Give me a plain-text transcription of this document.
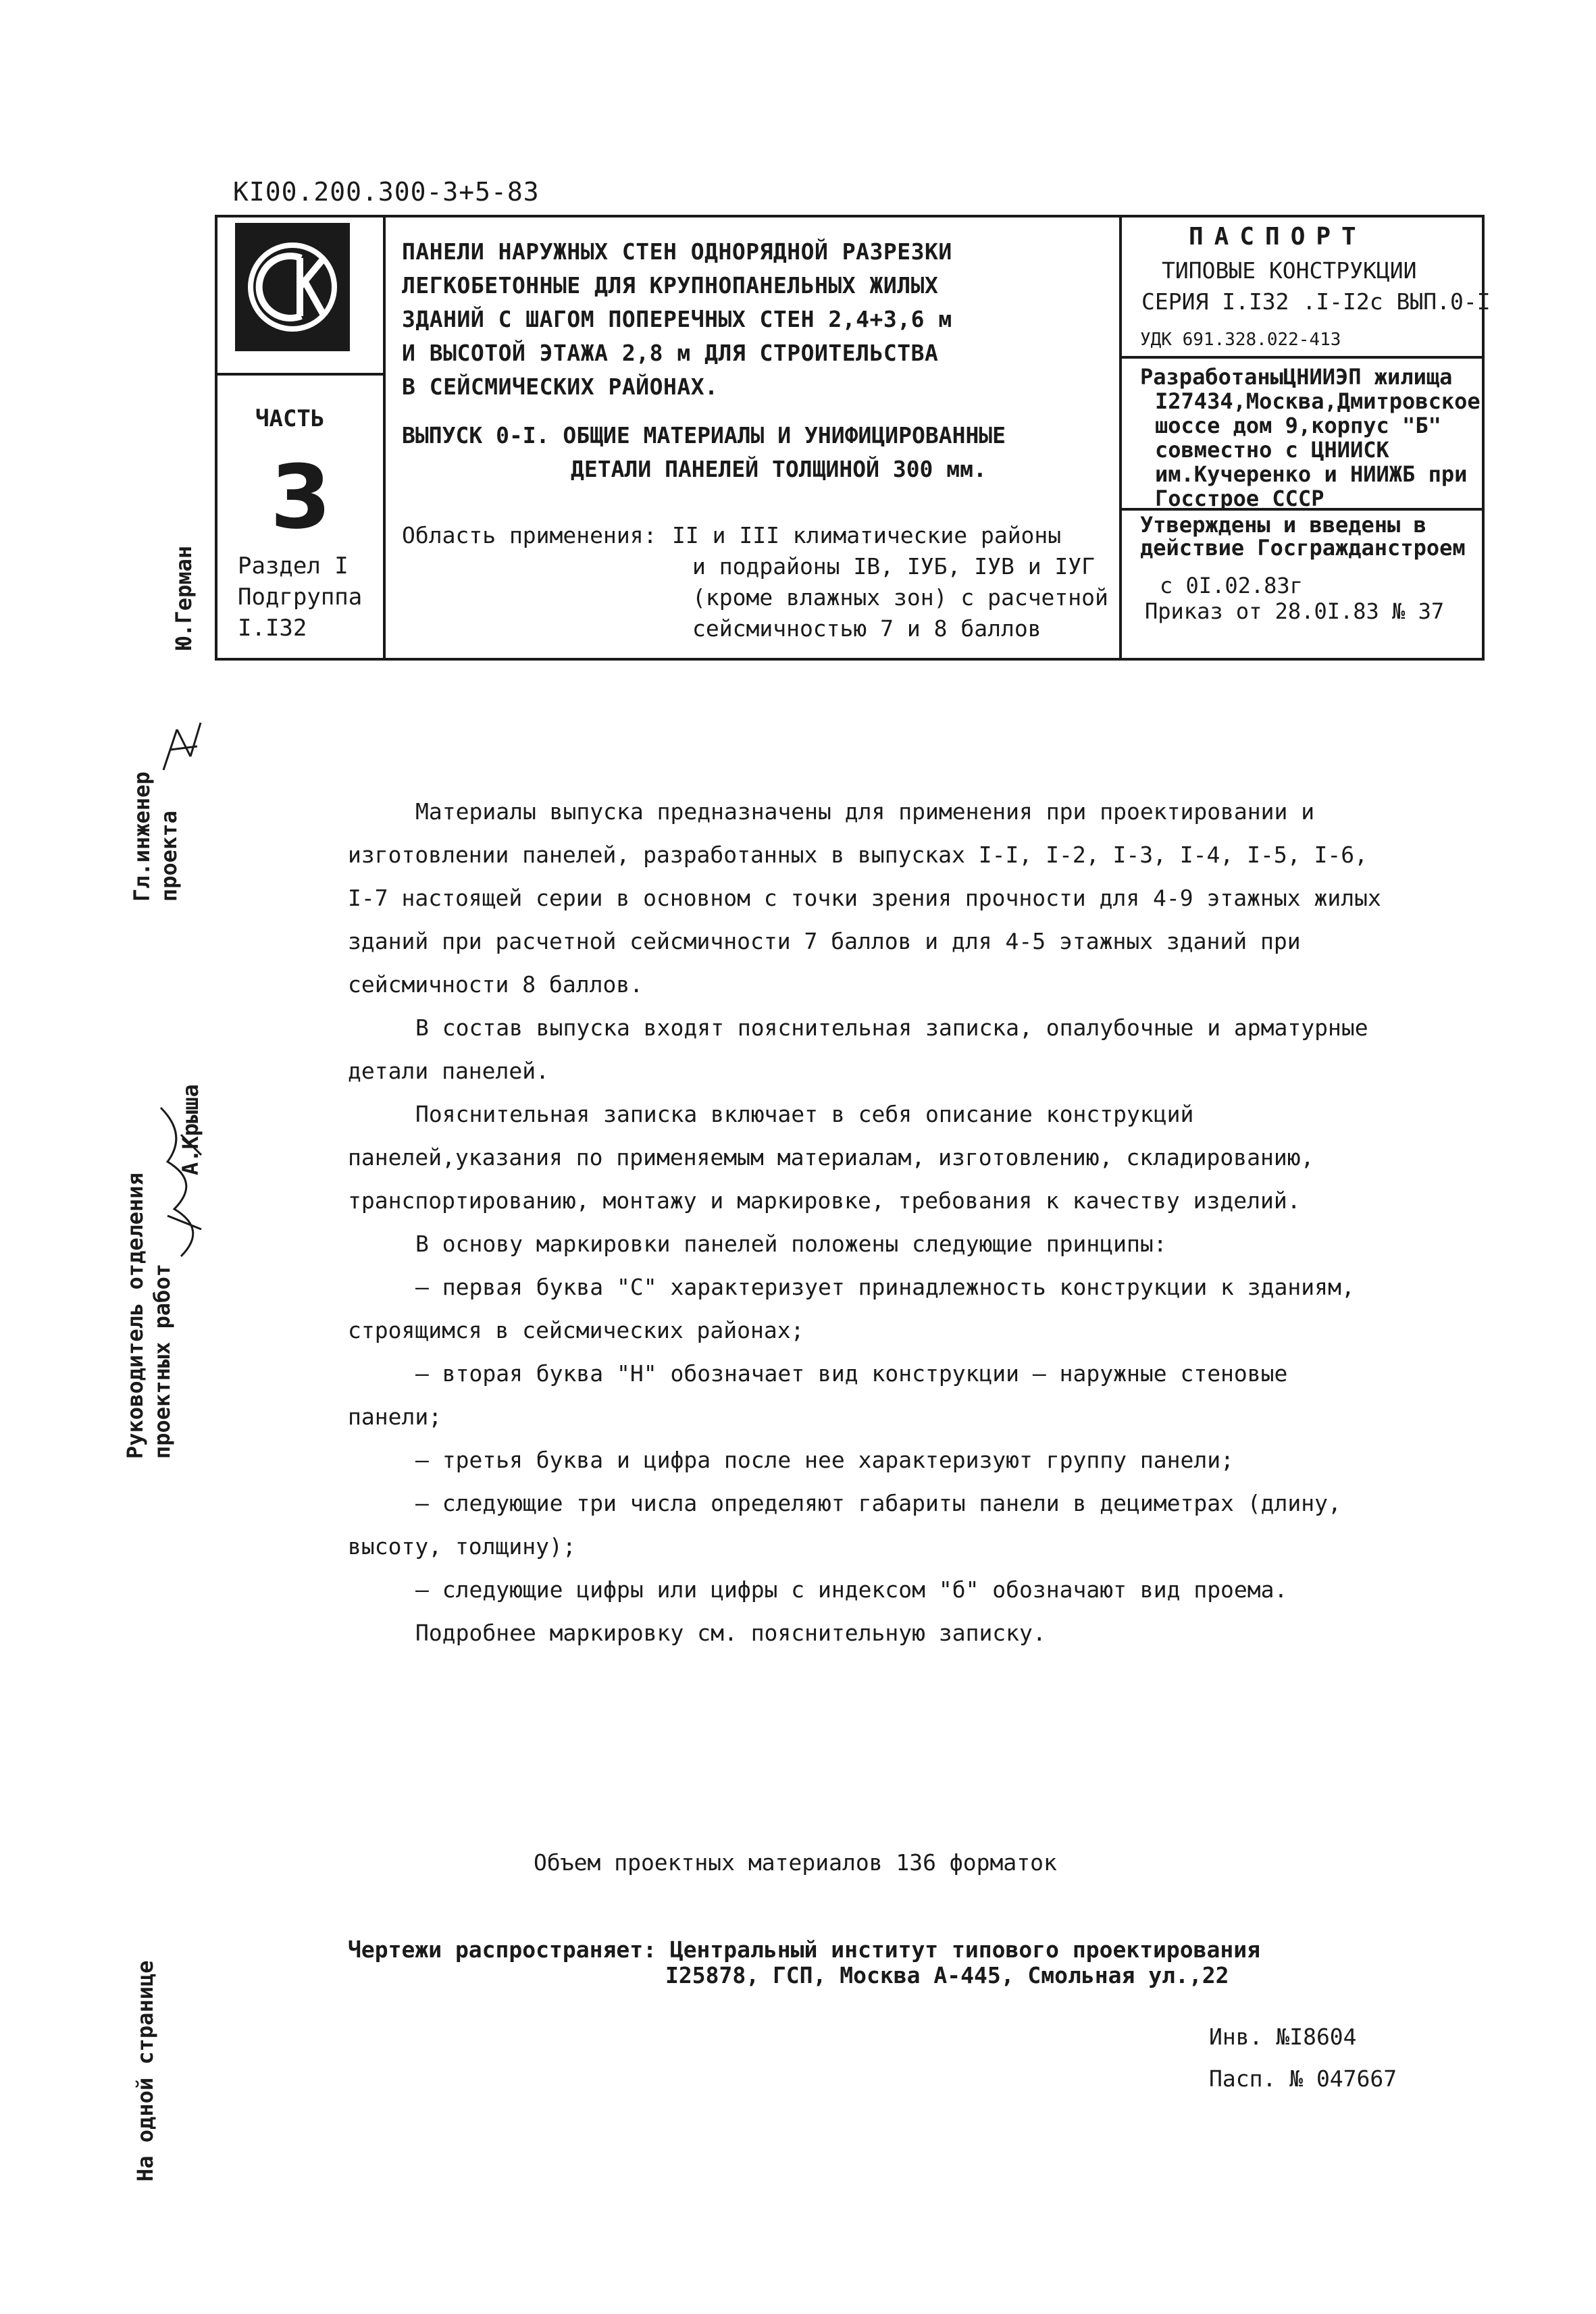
КI00.200.300-3+5-83
ЧАСТЬ
3
Раздел I
Подгруппа
I.I32
ПАНЕЛИ НАРУЖНЫХ СТЕН ОДНОРЯДНОЙ РАЗРЕЗКИ
ЛЕГКОБЕТОННЫЕ ДЛЯ КРУПНОПАНЕЛЬНЫХ ЖИЛЫХ
ЗДАНИЙ С ШАГОМ ПОПЕРЕЧНЫХ СТЕН 2,4+3,6 м
И ВЫСОТОЙ ЭТАЖА 2,8 м ДЛЯ СТРОИТЕЛЬСТВА
В СЕЙСМИЧЕСКИХ РАЙОНАХ.
ВЫПУСК 0-I. ОБЩИЕ МАТЕРИАЛЫ И УНИФИЦИРОВАННЫЕ
ДЕТАЛИ ПАНЕЛЕЙ ТОЛЩИНОЙ 300 мм.
Область применения: II и III климатические районы
и подрайоны IВ, IУБ, IУВ и IУГ
(кроме влажных зон) с расчетной
сейсмичностью 7 и 8 баллов
ПАСПОРТ
ТИПОВЫЕ КОНСТРУКЦИИ
СЕРИЯ I.I32 .I-I2с ВЫП.0-I
УДК 691.328.022-413
РазработаныЦНИИЭП жилища
I27434,Москва,Дмитровское
шоссе дом 9,корпус "Б"
совместно с ЦНИИСК
им.Кучеренко и НИИЖБ при
Госстрое СССР
Утверждены и введены в
действие Госгражданстроем
с 0I.02.83г
Приказ от 28.0I.83 № 37
Ю.Герман
Гл.инженер проекта
Руководитель отделения проектных работ
А.Крыша
На одной странице

Материалы выпуска предназначены для применения при проектировании и изготовлении панелей, разработанных в выпусках I-I, I-2, I-3, I-4, I-5, I-6, I-7 настоящей серии в основном с точки зрения прочности для 4-9 этажных жилых зданий при расчетной сейсмичности 7 баллов и для 4-5 этажных зданий при сейсмичности 8 баллов.

В состав выпуска входят пояснительная записка, опалубочные и арматурные детали панелей.

Пояснительная записка включает в себя описание конструкций панелей,указания по применяемым материалам, изготовлению, складированию, транспортированию, монтажу и маркировке, требования к качеству изделий.

В основу маркировки панелей положены следующие принципы:

– первая буква "С" характеризует принадлежность конструкции к зданиям, строящимся в сейсмических районах;

– вторая буква "Н" обозначает вид конструкции – наружные стеновые панели;

– третья буква и цифра после нее характеризуют группу панели;

– следующие три числа определяют габариты панели в дециметрах (длину, высоту, толщину);

– следующие цифры или цифры с индексом "б" обозначают вид проема.

Подробнее маркировку см. пояснительную записку.

Объем проектных материалов 136 форматок
Чертежи распространяет: Центральный институт типового проектирования
I25878, ГСП, Москва А-445, Смольная ул.,22
Инв. №I8604
Пасп. № 047667
